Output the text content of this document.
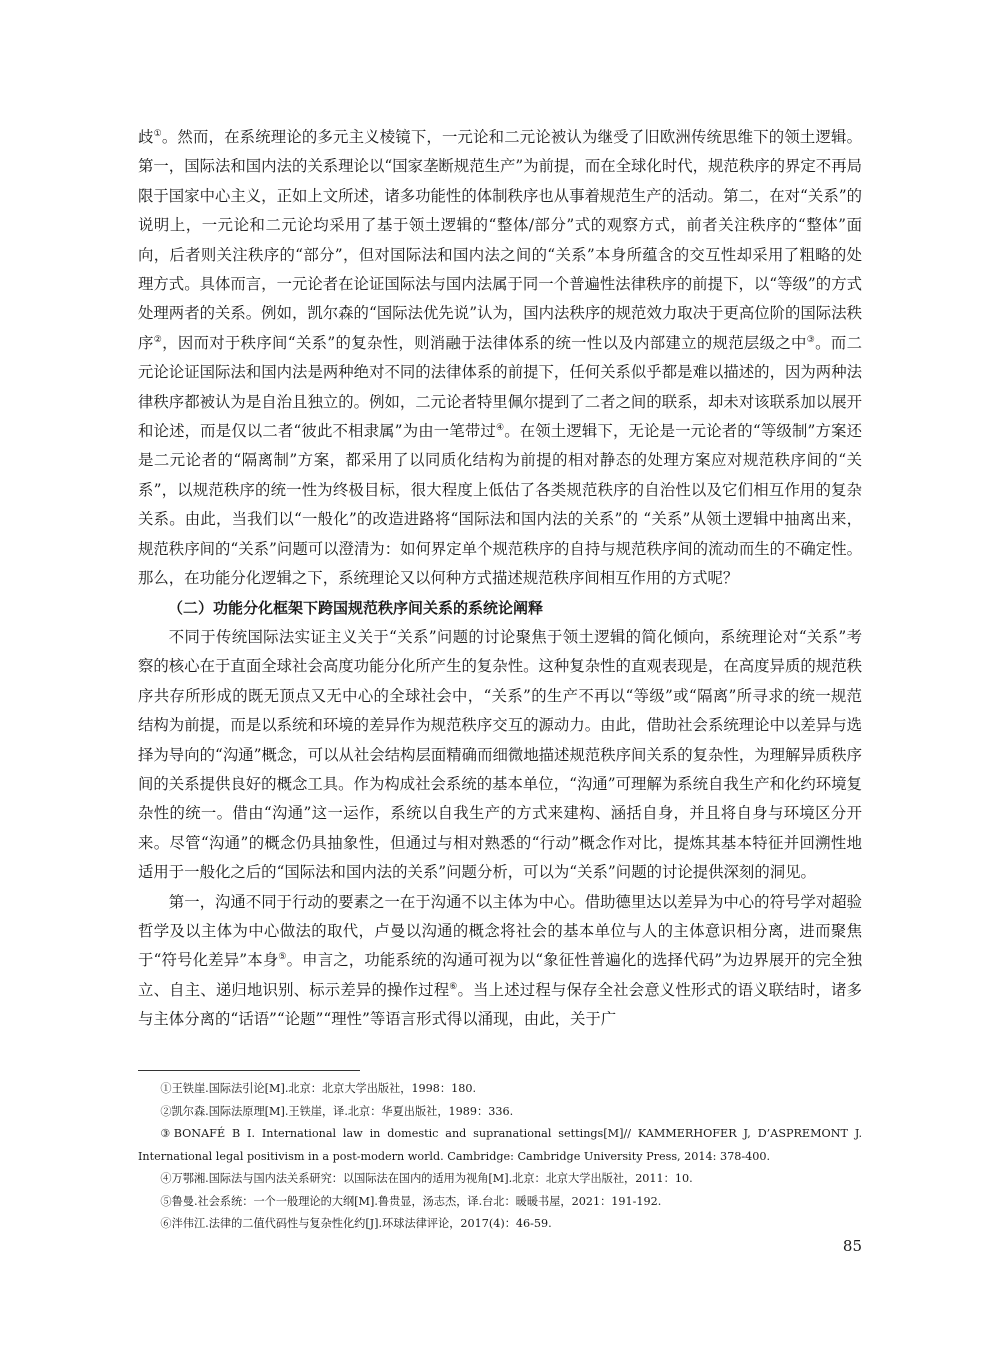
歧①。然而，在系统理论的多元主义棱镜下，一元论和二元论被认为继受了旧欧洲传统思维下的领土逻辑。第一，国际法和国内法的关系理论以“国家垄断规范生产”为前提，而在全球化时代，规范秩序的界定不再局限于国家中心主义，正如上文所述，诸多功能性的体制秩序也从事着规范生产的活动。第二，在对“关系”的说明上，一元论和二元论均采用了基于领土逻辑的“整体/部分”式的观察方式，前者关注秩序的“整体”面向，后者则关注秩序的“部分”，但对国际法和国内法之间的“关系”本身所蕴含的交互性却采用了粗略的处理方式。具体而言，一元论者在论证国际法与国内法属于同一个普遍性法律秩序的前提下，以“等级”的方式处理两者的关系。例如，凯尔森的“国际法优先说”认为，国内法秩序的规范效力取决于更高位阶的国际法秩序②，因而对于秩序间“关系”的复杂性，则消融于法律体系的统一性以及内部建立的规范层级之中③。而二元论论证国际法和国内法是两种绝对不同的法律体系的前提下，任何关系似乎都是难以描述的，因为两种法律秩序都被认为是自治且独立的。例如，二元论者特里佩尔提到了二者之间的联系，却未对该联系加以展开和论述，而是仅以二者“彼此不相隶属”为由一笔带过④。在领土逻辑下，无论是一元论者的“等级制”方案还是二元论者的“隔离制”方案，都采用了以同质化结构为前提的相对静态的处理方案应对规范秩序间的“关系”，以规范秩序的统一性为终极目标，很大程度上低估了各类规范秩序的自治性以及它们相互作用的复杂关系。由此，当我们以“一般化”的改造进路将“国际法和国内法的关系”的 “关系”从领土逻辑中抽离出来，规范秩序间的“关系”问题可以澄清为：如何界定单个规范秩序的自持与规范秩序间的流动而生的不确定性。那么，在功能分化逻辑之下，系统理论又以何种方式描述规范秩序间相互作用的方式呢？

（二）功能分化框架下跨国规范秩序间关系的系统论阐释

不同于传统国际法实证主义关于“关系”问题的讨论聚焦于领土逻辑的简化倾向，系统理论对“关系”考察的核心在于直面全球社会高度功能分化所产生的复杂性。这种复杂性的直观表现是，在高度异质的规范秩序共存所形成的既无顶点又无中心的全球社会中，“关系”的生产不再以“等级”或“隔离”所寻求的统一规范结构为前提，而是以系统和环境的差异作为规范秩序交互的源动力。由此，借助社会系统理论中以差异与选择为导向的“沟通”概念，可以从社会结构层面精确而细微地描述规范秩序间关系的复杂性，为理解异质秩序间的关系提供良好的概念工具。作为构成社会系统的基本单位，“沟通”可理解为系统自我生产和化约环境复杂性的统一。借由“沟通”这一运作，系统以自我生产的方式来建构、涵括自身，并且将自身与环境区分开来。尽管“沟通”的概念仍具抽象性，但通过与相对熟悉的“行动”概念作对比，提炼其基本特征并回溯性地适用于一般化之后的“国际法和国内法的关系”问题分析，可以为“关系”问题的讨论提供深刻的洞见。

第一，沟通不同于行动的要素之一在于沟通不以主体为中心。借助德里达以差异为中心的符号学对超验哲学及以主体为中心做法的取代，卢曼以沟通的概念将社会的基本单位与人的主体意识相分离，进而聚焦于“符号化差异”本身⑤。申言之，功能系统的沟通可视为以“象征性普遍化的选择代码”为边界展开的完全独立、自主、递归地识别、标示差异的操作过程⑥。当上述过程与保存全社会意义性形式的语义联结时，诸多与主体分离的“话语”“论题”“理性”等语言形式得以涌现，由此，关于广

①王铁崖.国际法引论[M].北京：北京大学出版社，1998：180.

②凯尔森.国际法原理[M].王铁崖，译.北京：华夏出版社，1989：336.

③BONAFÉ B I. International law in domestic and supranational settings[M]// KAMMERHOFER J, D’ASPREMONT J. International legal positivism in a post-modern world. Cambridge: Cambridge University Press, 2014: 378-400.

④万鄂湘.国际法与国内法关系研究：以国际法在国内的适用为视角[M].北京：北京大学出版社，2011：10.

⑤鲁曼.社会系统：一个一般理论的大纲[M].鲁贵显，汤志杰，译.台北：暖暖书屋，2021：191-192.

⑥泮伟江.法律的二值代码性与复杂性化约[J].环球法律评论，2017(4)：46-59.

85
